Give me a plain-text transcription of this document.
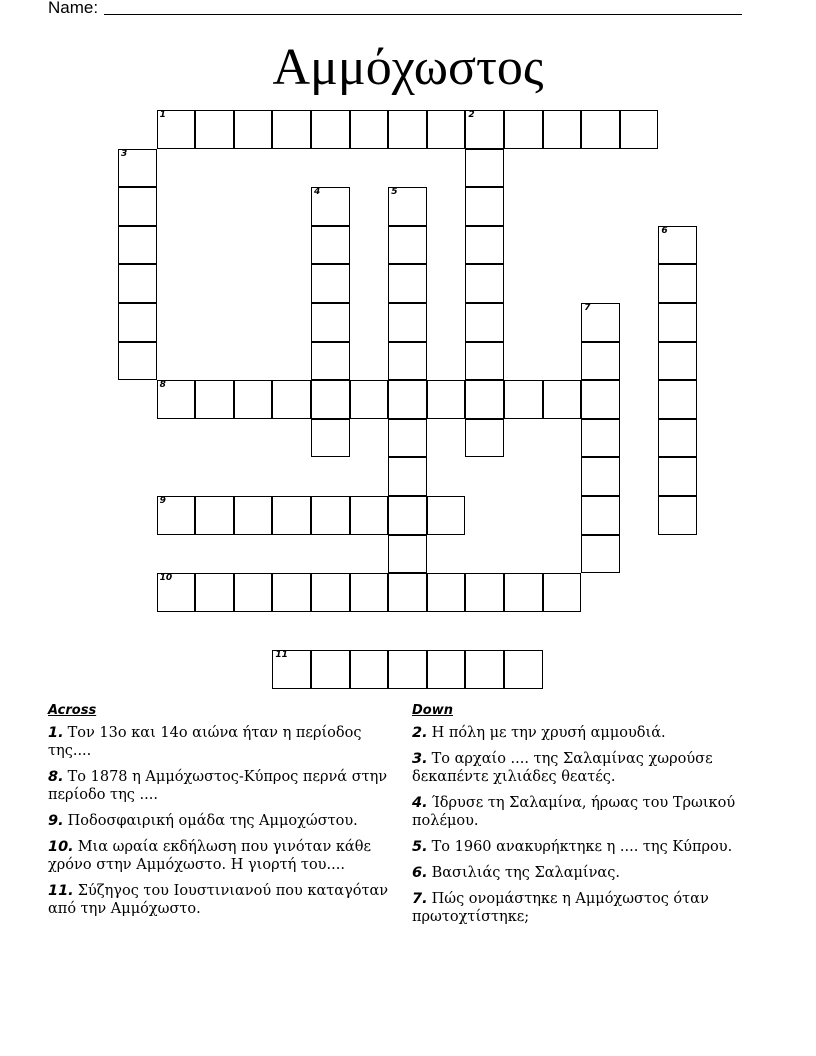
Name:
Αμμόχωστος
1	2
3
4	5
6
7
8
9
10
11
Across
1. Τον 13ο και 14ο αιώνα ήταν η περίοδος της....
8. Το 1878 η Αμμόχωστος-Κύπρος περνά στην περίοδο της ....
9. Ποδοσφαιρική ομάδα της Αμμοχώστου.
10. Μια ωραία εκδήλωση που γινόταν κάθε χρόνο στην Αμμόχωστο. Η γιορτή του....
11. Σύζηγος του Ιουστινιανού που καταγόταν από την Αμμόχωστο.
Down
2. Η πόλη με την χρυσή αμμουδιά.
3. Το αρχαίο .... της Σαλαμίνας χωρούσε δεκαπέντε χιλιάδες θεατές.
4. Ίδρυσε τη Σαλαμίνα, ήρωας του Τρωικού πολέμου.
5. Το 1960 ανακυρήκτηκε η .... της Κύπρου.
6. Βασιλιάς της Σαλαμίνας.
7. Πώς ονομάστηκε η Αμμόχωστος όταν πρωτοχτίστηκε;
